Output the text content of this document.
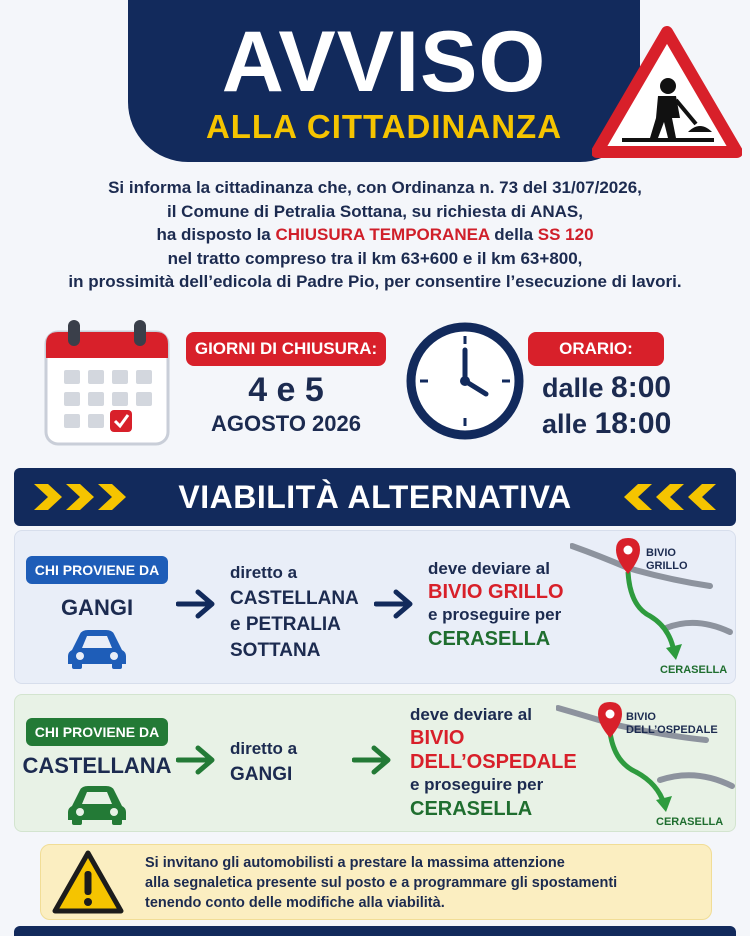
AVVISO
ALLA CITTADINANZA
Si informa la cittadinanza che, con Ordinanza n. 73 del 31/07/2026,
il Comune di Petralia Sottana, su richiesta di ANAS,
ha disposto la CHIUSURA TEMPORANEA della SS 120
nel tratto compreso tra il km 63+600 e il km 63+800,
in prossimità dell’edicola di Padre Pio, per consentire l’esecuzione di lavori.
GIORNI DI CHIUSURA:
4 e 5
AGOSTO 2026
ORARIO:
dalle 8:00
alle 18:00
VIABILITÀ ALTERNATIVA
CHI PROVIENE DA
GANGI
diretto a
CASTELLANA
e PETRALIA
SOTTANA
deve deviare al
BIVIO GRILLO
e proseguire per
CERASELLA
BIVIO
GRILLO
CERASELLA
CHI PROVIENE DA
CASTELLANA
diretto a
GANGI
deve deviare al
BIVIO
DELL’OSPEDALE
e proseguire per
CERASELLA
BIVIO
DELL’OSPEDALE
CERASELLA
Si invitano gli automobilisti a prestare la massima attenzione
alla segnaletica presente sul posto e a programmare gli spostamenti
tenendo conto delle modifiche alla viabilità.
